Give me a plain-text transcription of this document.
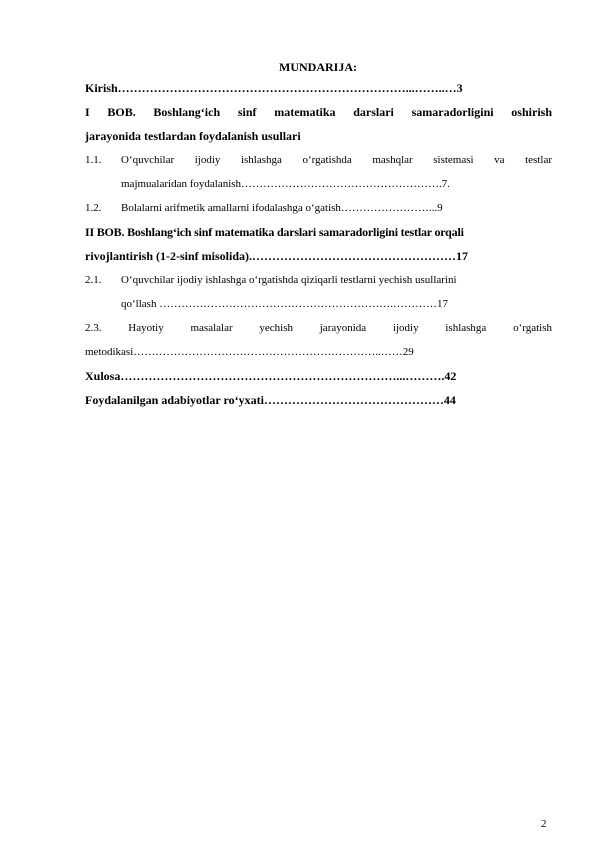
MUNDARIJA:
Kirish………………………………………………………………...……..…3
I BOB. Boshlang‘ich sinf matematika darslari samaradorligini oshirish
jarayonida testlardan foydalanish usullari
1.1. O‘quvchilar ijodiy ishlashga o‘rgatishda mashqlar sistemasi va testlar
majmualaridan foydalanish……………………………………………….7.
1.2. Bolalarni arifmetik amallarni ifodalashga o‘gatish……………………...9
II BOB. Boshlang‘ich sinf matematika darslari samaradorligini testlar orqali
rivojlantirish (1-2-sinf misolida).……………………………………………17
2.1. O‘quvchilar ijodiy ishlashga o‘rgatishda qiziqarli testlarni yechish usullarini
qo‘llash ……………………………………………………….…………17
2.3. Hayotiy masalalar yechish jarayonida ijodiy ishlashga o‘rgatish
metodikasi…………………………………………………………..……29
Xulosa……………………………………………………………...……….42
Foydalanilgan adabiyotlar ro‘yxati………………………………………44
2
